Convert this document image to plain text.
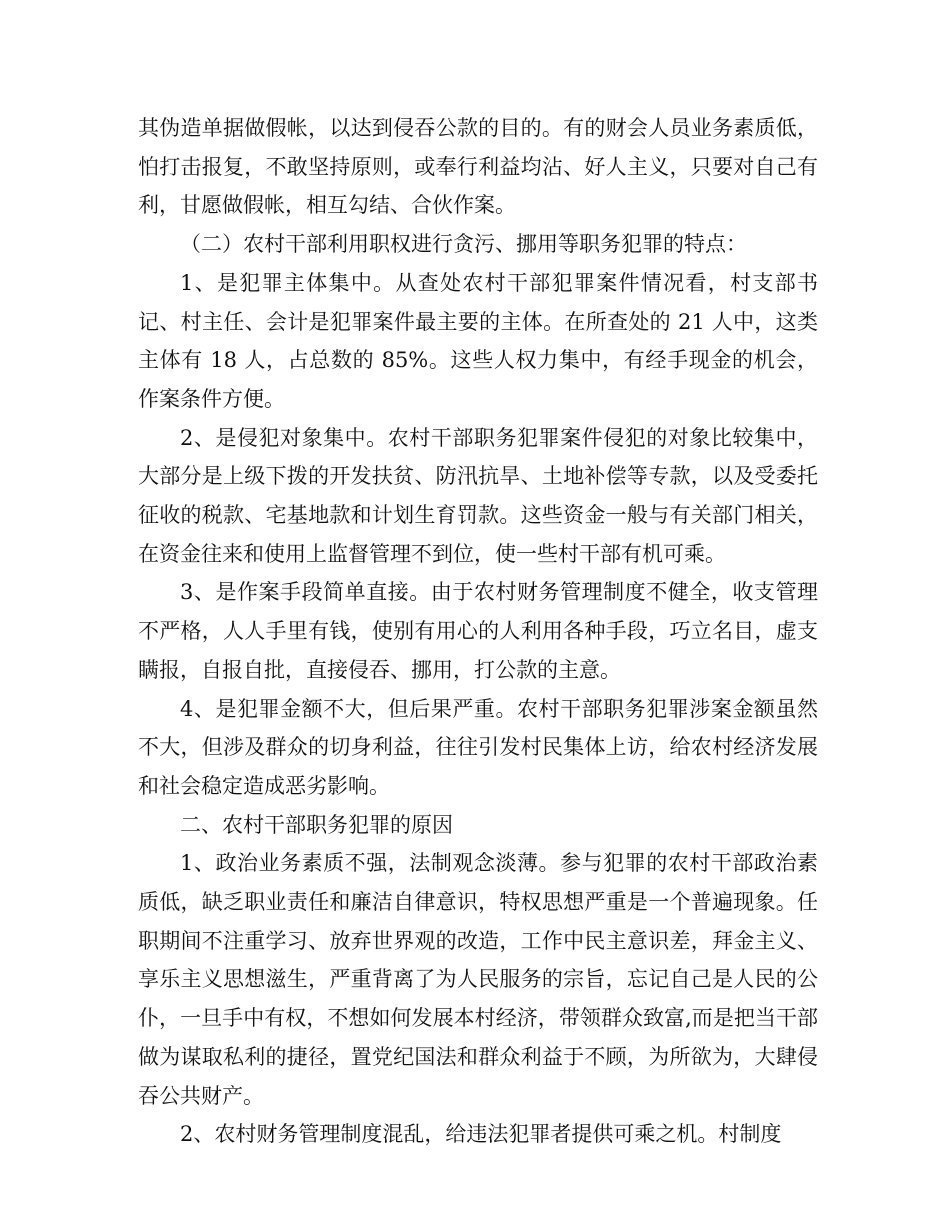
其伪造单据做假帐，以达到侵吞公款的目的。有的财会人员业务素质低，怕打击报复，不敢坚持原则，或奉行利益均沾、好人主义，只要对自己有利，甘愿做假帐，相互勾结、合伙作案。

（二）农村干部利用职权进行贪污、挪用等职务犯罪的特点：

1、是犯罪主体集中。从查处农村干部犯罪案件情况看，村支部书记、村主任、会计是犯罪案件最主要的主体。在所查处的 21 人中，这类主体有 18 人，占总数的 85%。这些人权力集中，有经手现金的机会，作案条件方便。

2、是侵犯对象集中。农村干部职务犯罪案件侵犯的对象比较集中，大部分是上级下拨的开发扶贫、防汛抗旱、土地补偿等专款，以及受委托征收的税款、宅基地款和计划生育罚款。这些资金一般与有关部门相关，在资金往来和使用上监督管理不到位，使一些村干部有机可乘。

3、是作案手段简单直接。由于农村财务管理制度不健全，收支管理不严格，人人手里有钱，使别有用心的人利用各种手段，巧立名目，虚支瞒报，自报自批，直接侵吞、挪用，打公款的主意。

4、是犯罪金额不大，但后果严重。农村干部职务犯罪涉案金额虽然不大，但涉及群众的切身利益，往往引发村民集体上访，给农村经济发展和社会稳定造成恶劣影响。

二、农村干部职务犯罪的原因

1、政治业务素质不强，法制观念淡薄。参与犯罪的农村干部政治素质低，缺乏职业责任和廉洁自律意识，特权思想严重是一个普遍现象。任职期间不注重学习、放弃世界观的改造，工作中民主意识差，拜金主义、享乐主义思想滋生，严重背离了为人民服务的宗旨，忘记自己是人民的公仆，一旦手中有权，不想如何发展本村经济，带领群众致富,而是把当干部做为谋取私利的捷径，置党纪国法和群众利益于不顾，为所欲为，大肆侵吞公共财产。

2、农村财务管理制度混乱，给违法犯罪者提供可乘之机。村制度
